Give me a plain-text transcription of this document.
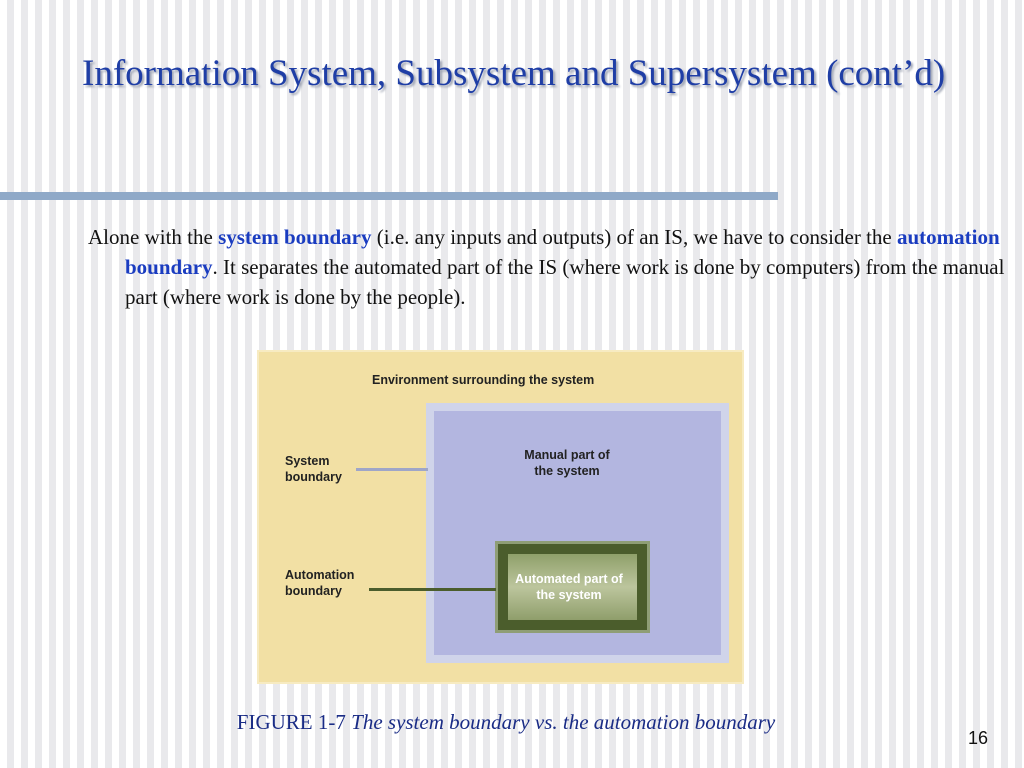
Information System, Subsystem and Supersystem (cont’d)
Alone with the system boundary (i.e. any inputs and outputs) of an IS, we have to consider the automation boundary. It separates the automated part of the IS (where work is done by computers) from the manual part (where work is done by the people).
Environment surrounding the system
Manual part of
the system
Automated part of
the system
System
boundary
Automation
boundary
FIGURE 1-7 The system boundary vs. the automation boundary
16
